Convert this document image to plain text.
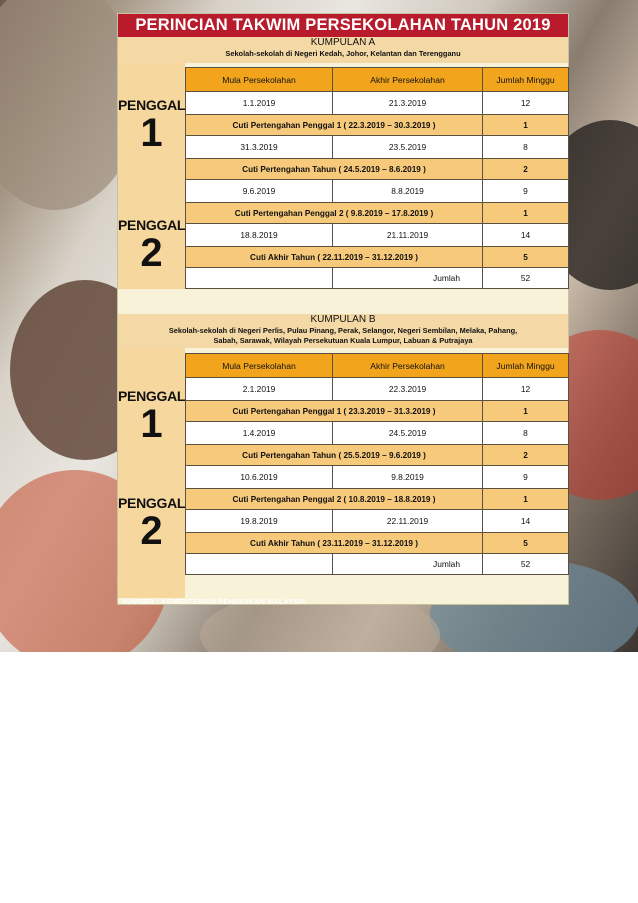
PERINCIAN TAKWIM PERSEKOLAHAN TAHUN 2019
KUMPULAN A
Sekolah-sekolah di Negeri Kedah, Johor, Kelantan dan Terengganu
PENGGAL
1
PENGGAL
2
Mula Persekolahan	Akhir Persekolahan	Jumlah Minggu
1.1.2019	21.3.2019	12
Cuti Pertengahan Penggal 1 ( 22.3.2019 – 30.3.2019 )		1
31.3.2019	23.5.2019	8
Cuti Pertengahan Tahun ( 24.5.2019 – 8.6.2019 )		2
9.6.2019	8.8.2019	9
Cuti Pertengahan Penggal 2 ( 9.8.2019 – 17.8.2019 )		1
18.8.2019	21.11.2019	14
Cuti Akhir Tahun ( 22.11.2019 – 31.12.2019 )		5
	Jumlah	52
KUMPULAN B
Sekolah-sekolah di Negeri Perlis, Pulau Pinang, Perak, Selangor, Negeri Sembilan, Melaka, Pahang,
Sabah, Sarawak, Wilayah Persekutuan Kuala Lumpur, Labuan & Putrajaya
PENGGAL
1
PENGGAL
2
Mula Persekolahan	Akhir Persekolahan	Jumlah Minggu
2.1.2019	22.3.2019	12
Cuti Pertengahan Penggal 1 ( 23.3.2019 – 31.3.2019 )		1
1.4.2019	24.5.2019	8
Cuti Pertengahan Tahun ( 25.5.2019 – 9.6.2019 )		2
10.6.2019	9.8.2019	9
Cuti Pertengahan Penggal 2 ( 10.8.2019 – 18.8.2019 )		1
19.8.2019	22.11.2019	14
Cuti Akhir Tahun ( 23.11.2019 – 31.12.2019 )		5
	Jumlah	52
SUMBER : KEMENTERIAN PENDIDIKAN MALAYSIA
